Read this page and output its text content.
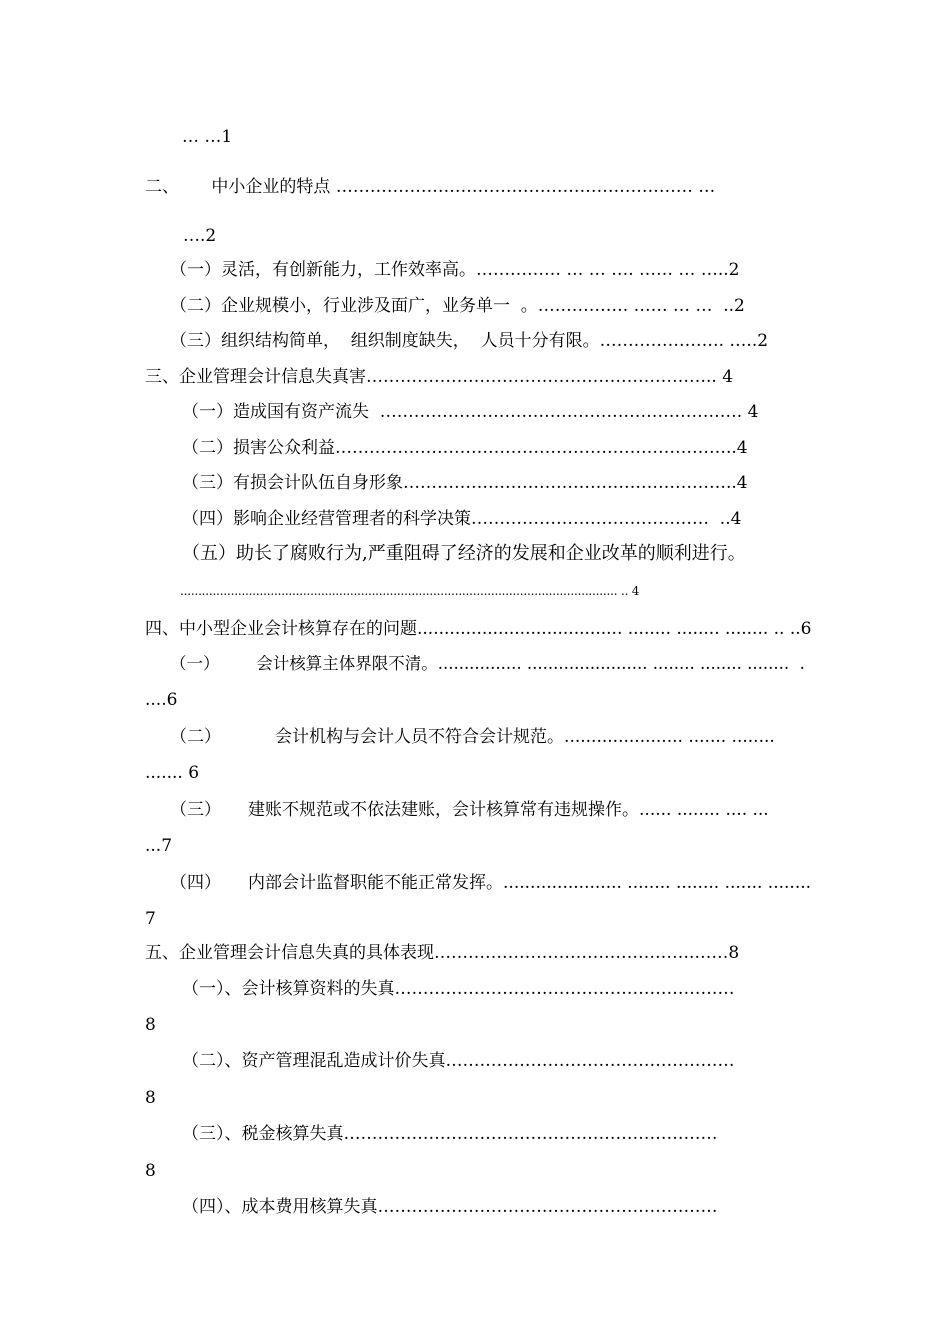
… …1
二、      中小企业的特点 ……………………………………………………… …
….2
（一）灵活，有创新能力，工作效率高。…………… … … …. …… … …..2
（二）企业规模小，行业涉及面广，业务单一  。……………. …… … …  ..2
（三）组织结构简单，  组织制度缺失，  人员十分有限。…………………. …..2
三、企业管理会计信息失真害…………………………………………………….. 4
（一）造成国有资产流失  ………………………………………………………. 4
（二）损害公众利益……………………………………………………………..4
（三）有损会计队伍自身形象…………………………………………………..4
（四）影响企业经营管理者的科学决策……………………………………  ..4
（五）助长了腐败行为,严重阻碍了经济的发展和企业改革的顺利进行。
......................................................................................................................... .. 4
四、中小型企业会计核算存在的问题...................................... ........ ........ ........ .. ..6
（一）       会计核算主体界限不清。................ ....................... ........ ........ ........  .
....6
（二）          会计机构与会计人员不符合会计规范。...................... ....... ........
....... 6
（三）     建账不规范或不依法建账，会计核算常有违规操作。...... ........ .... ...
...7
（四）     内部会计监督职能不能正常发挥。...................... ........ ........ ....... ........
7
五、企业管理会计信息失真的具体表现……………………………………….……8
（一）、会计核算资料的失真……………………………………………………
8
（二）、资产管理混乱造成计价失真……………………………………………
8
（三）、税金核算失真…………………………………………………………
8
（四）、成本费用核算失真……………………………………………………
